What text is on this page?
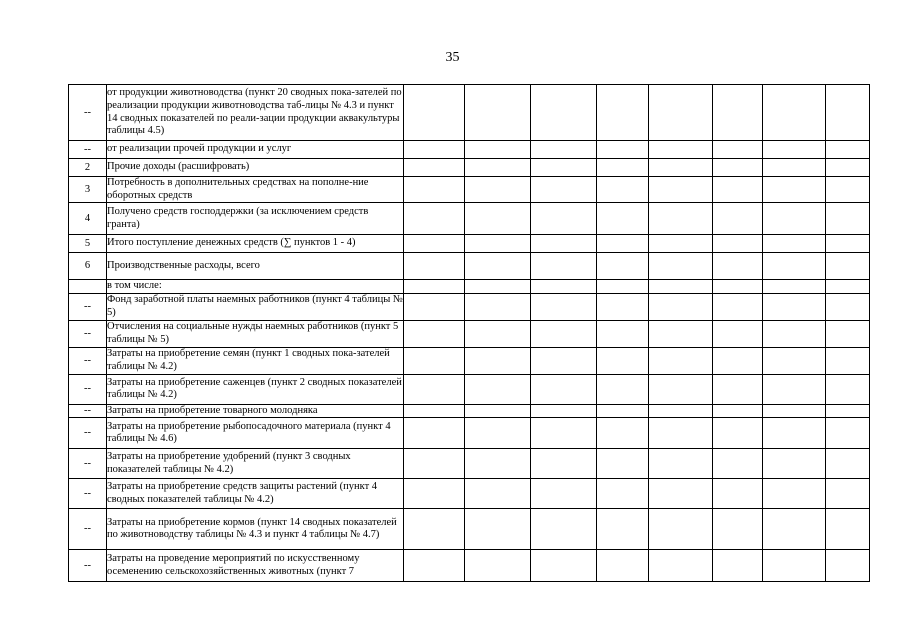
35
--	от продукции животноводства (пункт 20 сводных пока-зателей по реализации продукции животноводства таб-лицы № 4.3 и пункт 14 сводных показателей по реали-зации продукции аквакультуры таблицы 4.5)								
--	от реализации прочей продукции и услуг								
2	Прочие доходы (расшифровать)								
3	Потребность в дополнительных средствах на пополне-ние оборотных средств								
4	Получено средств господдержки (за исключением средств гранта)								
5	Итого поступление денежных средств (∑ пунктов 1 - 4)								
6	Производственные расходы, всего								
	в том числе:								
--	Фонд заработной платы наемных работников (пункт 4 таблицы № 5)								
--	Отчисления на социальные нужды наемных работников (пункт 5 таблицы № 5)								
--	Затраты на приобретение семян (пункт 1 сводных пока-зателей таблицы № 4.2)								
--	Затраты на приобретение саженцев (пункт 2 сводных показателей таблицы № 4.2)								
--	Затраты на приобретение товарного молодняка								
--	Затраты на приобретение рыбопосадочного материала (пункт 4 таблицы № 4.6)								
--	Затраты на приобретение удобрений (пункт 3 сводных показателей таблицы № 4.2)								
--	Затраты на приобретение средств защиты растений (пункт 4 сводных показателей таблицы № 4.2)								
--	Затраты на приобретение кормов (пункт 14 сводных показателей по животноводству таблицы № 4.3 и пункт 4 таблицы № 4.7)								
--	Затраты на проведение мероприятий по искусственному осеменению сельскохозяйственных животных (пункт 7								
